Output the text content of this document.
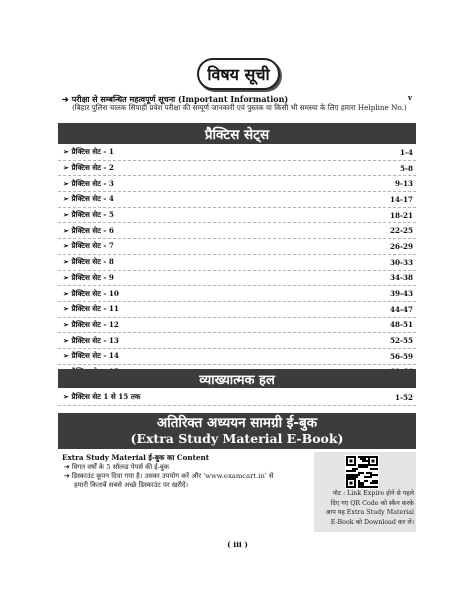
विषय सूची
➔ परीक्षा से सम्बन्धित महत्वपूर्ण सूचना (Important Information)
(बिहार पुलिस चालक सिपाही प्रवेश परीक्षा की सम्पूर्ण जानकारी एवं पुस्तक या किसी भी समस्या के लिए हमारा Helpline No.)
v
प्रैक्टिस सेट्स
➢ प्रैक्टिस सेट - 1	1-4
➢ प्रैक्टिस सेट - 2	5-8
➢ प्रैक्टिस सेट - 3	9-13
➢ प्रैक्टिस सेट - 4	14-17
➢ प्रैक्टिस सेट - 5	18-21
➢ प्रैक्टिस सेट - 6	22-25
➢ प्रैक्टिस सेट - 7	26-29
➢ प्रैक्टिस सेट - 8	30-33
➢ प्रैक्टिस सेट - 9	34-38
➢ प्रैक्टिस सेट - 10	39-43
➢ प्रैक्टिस सेट - 11	44-47
➢ प्रैक्टिस सेट - 12	48-51
➢ प्रैक्टिस सेट - 13	52-55
➢ प्रैक्टिस सेट - 14	56-59
व्याख्यात्मक हल
➢ प्रैक्टिस सेट 1 से 15 तक	1-52
अतिरिक्त अध्ययन सामग्री ई-बुक
(Extra Study Material E-Book)
Extra Study Material ई-बुक का Content
➔ विगत वर्षों के 5 सॉल्व्ड पेपर्स की ई-बुक
➔ डिस्काउंट कूपन दिया गया है। उसका उपयोग करें और 'www.examcart.in' से
हमारी किताबें सबसे अच्छे डिस्काउंट पर खरीदें।
नोट : Link Expire होने से पहले
दिए गए QR Code को स्कैन करके
आप यह Extra Study Material
E-Book को Download कर लें।
( iii )
